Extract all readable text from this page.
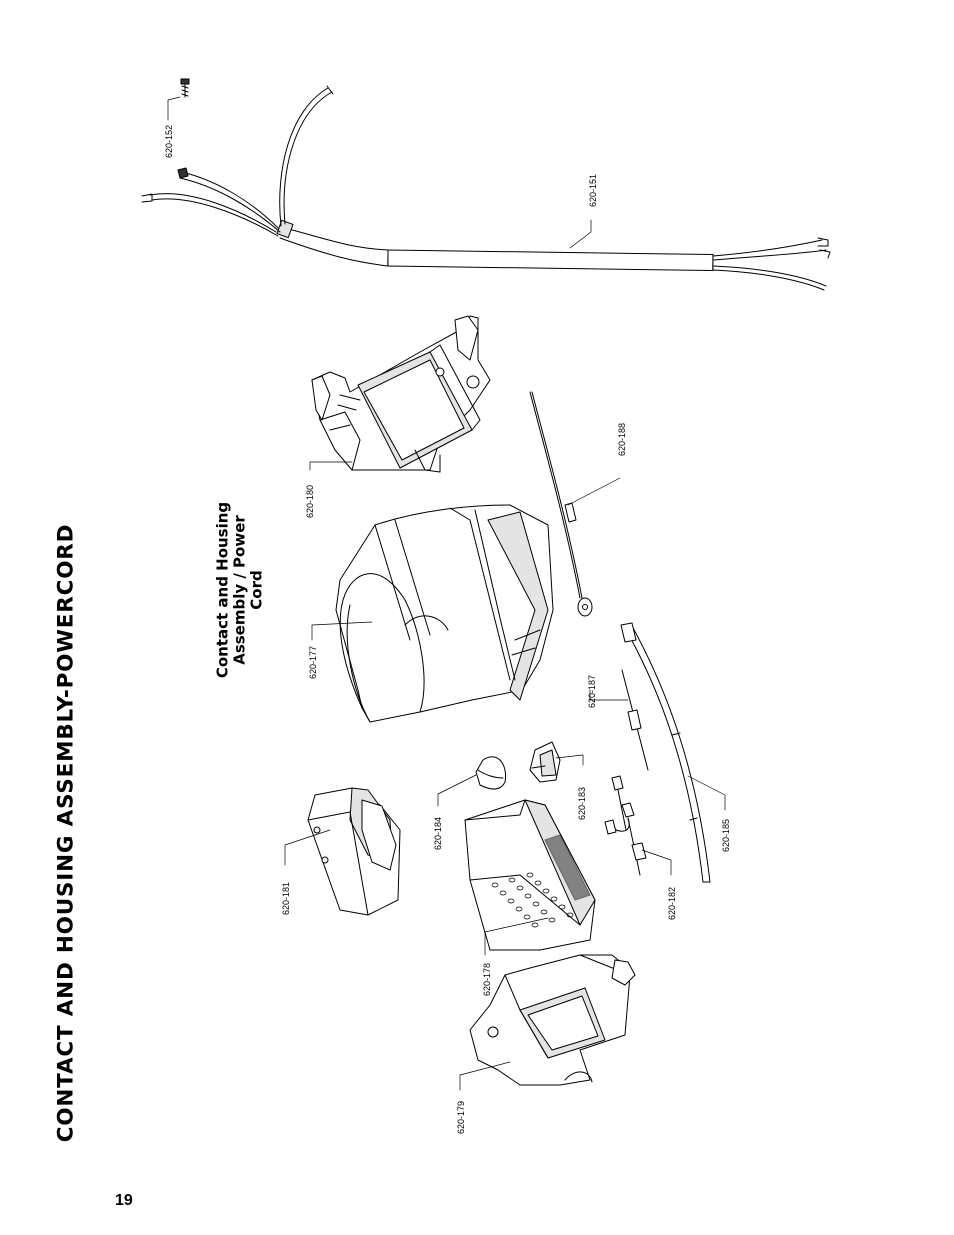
CONTACT AND HOUSING ASSEMBLY-POWERCORD
19
Contact and Housing Assembly / Power Cord
620-152
620-151
620-180
620-177
620-188
620-181
620-184
620-183
620-187
620-178
620-179
620-182
620-185
